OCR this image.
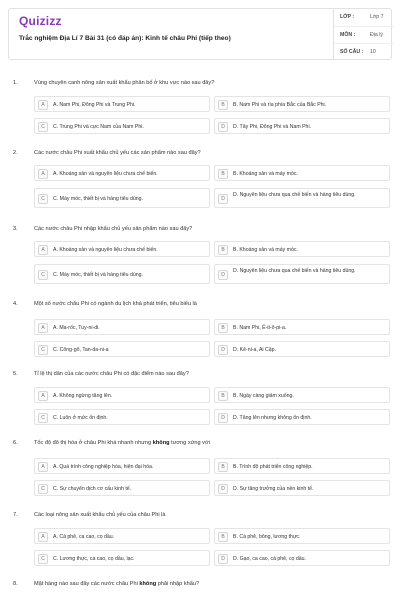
Quizizz
Trắc nghiệm Địa Lí 7 Bài 31 (có đáp án): Kinh tế châu Phi (tiếp theo)
LỚP :	Lớp 7
MÔN :	Địa lý
SỐ CÂU : 10
1.	Vùng chuyên canh nông sản xuất khẩu phân bố ở khu vực nào sau đây?
A	A. Nam Phi, Đông Phi và Trung Phi.	B	B. Nam Phi và rìa phía Bắc của Bắc Phi.
C	C. Trung Phi và cực Nam của Nam Phi.	D	D. Tây Phi, Đông Phi và Nam Phi.
2.	Các nước châu Phi xuất khẩu chủ yếu các sản phẩm nào sau đây?
A	A. Khoáng sản và nguyên liệu chưa chế biến.	B	B. Khoáng sản và máy móc.
C	C. Máy móc, thiết bị và hàng tiêu dùng.	D
D. Nguyên liệu chưa qua chế biến và hàng tiêu dùng.
3.	Các nước châu Phi nhập khẩu chủ yếu sản phẩm nào sau đây?
A	A. Khoáng sản và nguyên liệu chưa chế biến.	B	B. Khoáng sản và máy móc.
C	C. Máy móc, thiết bị và hàng tiêu dùng.	D
D. Nguyên liệu chưa qua chế biến và hàng tiêu dùng.
4.	Một số nước châu Phi có ngành du lịch khá phát triển, tiêu biểu là
A	A. Ma-rốc, Tuy-ni-di.	B	B. Nam Phi, Ê-ti-ô-pi-a.
C	C. Công-gô, Tan-da-ni-a	D	D. Kê-ni-a, Ai Cập.
5.	Tỉ lệ thị dân của các nước châu Phi có đặc điểm nào sau đây?
A	A. Không ngừng tăng lên.	B	B. Ngày càng giảm xuống.
C	C. Luôn ở mức ổn định.	D	D. Tăng lên nhưng không ổn định.
6.	Tốc độ đô thị hóa ở châu Phi khá nhanh nhưng không tương xứng với
A	A. Quá trình công nghiệp hóa, hiện đại hóa.	B	B. Trình độ phát triển công nghiệp.
C	C. Sự chuyển dịch cơ cấu kinh tế.	D	D. Sự tăng trưởng của nền kinh tế.
7.	Các loại nông sản xuất khẩu chủ yếu của châu Phi là
A	A. Cà phê, ca cao, cọ dầu.	B	B. Cà phê, bông, lương thực.
C	C. Lương thực, ca cao, cọ dầu, lạc.	D	D. Gạo, ca cao, cà phê, cọ dầu.
8.	Mặt hàng nào sau đây các nước châu Phi không phải nhập khẩu?
